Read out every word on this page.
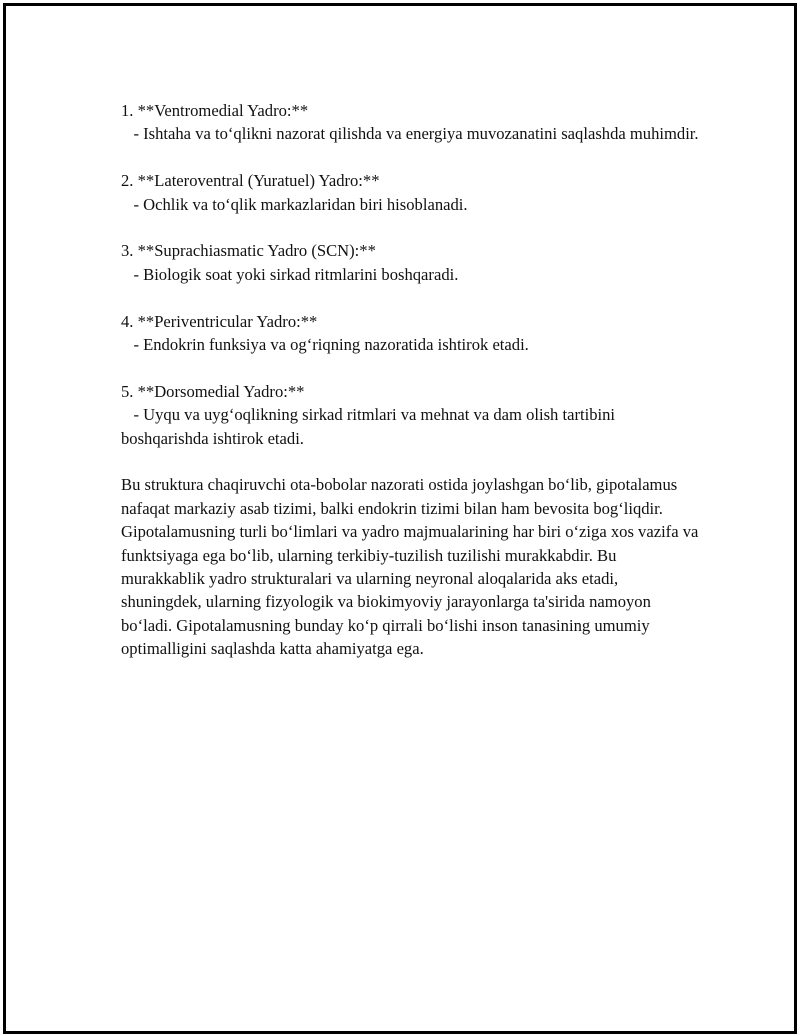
1. **Ventromedial Yadro:**
- Ishtaha va to‘qlikni nazorat qilishda va energiya muvozanatini saqlashda muhimdir.
2. **Lateroventral (Yuratuel) Yadro:**
- Ochlik va to‘qlik markazlaridan biri hisoblanadi.
3. **Suprachiasmatic Yadro (SCN):**
- Biologik soat yoki sirkad ritmlarini boshqaradi.
4. **Periventricular Yadro:**
- Endokrin funksiya va og‘riqning nazoratida ishtirok etadi.
5. **Dorsomedial Yadro:**
- Uyqu va uyg‘oqlikning sirkad ritmlari va mehnat va dam olish tartibini boshqarishda ishtirok etadi.

Bu struktura chaqiruvchi ota-bobolar nazorati ostida joylashgan bo‘lib, gipotalamus nafaqat markaziy asab tizimi, balki endokrin tizimi bilan ham bevosita bog‘liqdir. Gipotalamusning turli bo‘limlari va yadro majmualarining har biri o‘ziga xos vazifa va funktsiyaga ega bo‘lib, ularning terkibiy-tuzilish tuzilishi murakkabdir. Bu murakkablik yadro strukturalari va ularning neyronal aloqalarida aks etadi, shuningdek, ularning fizyologik va biokimyoviy jarayonlarga ta'sirida namoyon bo‘ladi. Gipotalamusning bunday ko‘p qirrali bo‘lishi inson tanasining umumiy optimalligini saqlashda katta ahamiyatga ega.
